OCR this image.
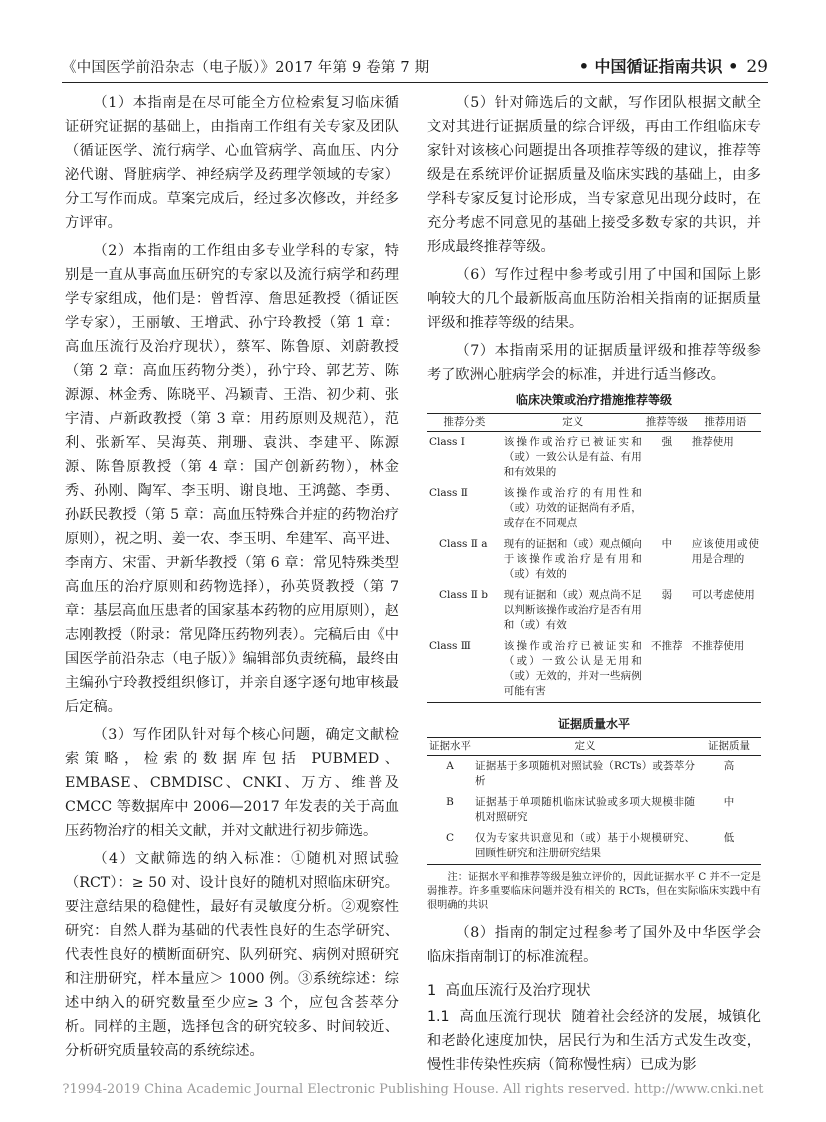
《中国医学前沿杂志（电子版）》2017 年第 9 卷第 7 期	• 中国循证指南共识 • 29

（1）本指南是在尽可能全方位检索复习临床循证研究证据的基础上，由指南工作组有关专家及团队（循证医学、流行病学、心血管病学、高血压、内分泌代谢、肾脏病学、神经病学及药理学领域的专家）分工写作而成。草案完成后，经过多次修改，并经多方评审。

（2）本指南的工作组由多专业学科的专家，特别是一直从事高血压研究的专家以及流行病学和药理学专家组成，他们是：曾哲淳、詹思延教授（循证医学专家），王丽敏、王增武、孙宁玲教授（第 1 章：高血压流行及治疗现状），蔡军、陈鲁原、刘蔚教授（第 2 章：高血压药物分类），孙宁玲、郭艺芳、陈源源、林金秀、陈晓平、冯颖青、王浩、初少莉、张宇清、卢新政教授（第 3 章：用药原则及规范），范利、张新军、吴海英、荆珊、袁洪、李建平、陈源源、陈鲁原教授（第 4 章：国产创新药物），林金秀、孙刚、陶军、李玉明、谢良地、王鸿懿、李勇、孙跃民教授（第 5 章：高血压特殊合并症的药物治疗原则），祝之明、姜一农、李玉明、牟建军、高平进、李南方、宋雷、尹新华教授（第 6 章：常见特殊类型高血压的治疗原则和药物选择），孙英贤教授（第 7 章：基层高血压患者的国家基本药物的应用原则），赵志刚教授（附录：常见降压药物列表）。完稿后由《中国医学前沿杂志（电子版）》编辑部负责统稿，最终由主编孙宁玲教授组织修订，并亲自逐字逐句地审核最后定稿。

（3）写作团队针对每个核心问题，确定文献检索策略，检索的数据库包括 PUBMED、EMBASE、CBMDISC、CNKI、万方、维普及 CMCC 等数据库中 2006—2017 年发表的关于高血压药物治疗的相关文献，并对文献进行初步筛选。

（4）文献筛选的纳入标准：①随机对照试验（RCT）：≥ 50 对、设计良好的随机对照临床研究。要注意结果的稳健性，最好有灵敏度分析。②观察性研究：自然人群为基础的代表性良好的生态学研究、代表性良好的横断面研究、队列研究、病例对照研究和注册研究，样本量应＞ 1000 例。③系统综述：综述中纳入的研究数量至少应≥ 3 个，应包含荟萃分析。同样的主题，选择包含的研究较多、时间较近、分析研究质量较高的系统综述。

（5）针对筛选后的文献，写作团队根据文献全文对其进行证据质量的综合评级，再由工作组临床专家针对该核心问题提出各项推荐等级的建议，推荐等级是在系统评价证据质量及临床实践的基础上，由多学科专家反复讨论形成，当专家意见出现分歧时，在充分考虑不同意见的基础上接受多数专家的共识，并形成最终推荐等级。

（6）写作过程中参考或引用了中国和国际上影响较大的几个最新版高血压防治相关指南的证据质量评级和推荐等级的结果。

（7）本指南采用的证据质量评级和推荐等级参考了欧洲心脏病学会的标准，并进行适当修改。

临床决策或治疗措施推荐等级
推荐分类	定义	推荐等级	推荐用语
Class Ⅰ	该操作或治疗已被证实和（或）一致公认是有益、有用和有效果的	强	推荐使用
Class Ⅱ	该操作或治疗的有用性和（或）功效的证据尚有矛盾，或存在不同观点		
Class Ⅱ a	现有的证据和（或）观点倾向于该操作或治疗是有用和（或）有效的	中	应该使用或使用是合理的
Class Ⅱ b	现有证据和（或）观点尚不足以判断该操作或治疗是否有用和（或）有效	弱	可以考虑使用
Class Ⅲ	该操作或治疗已被证实和（或）一致公认是无用和（或）无效的，并对一些病例可能有害	不推荐	不推荐使用
证据质量水平
证据水平	定义	证据质量
A	证据基于多项随机对照试验（RCTs）或荟萃分析	高
B	证据基于单项随机临床试验或多项大规模非随机对照研究	中
C	仅为专家共识意见和（或）基于小规模研究、回顾性研究和注册研究结果	低
注：证据水平和推荐等级是独立评价的，因此证据水平 C 并不一定是弱推荐。许多重要临床问题并没有相关的 RCTs，但在实际临床实践中有很明确的共识

（8）指南的制定过程参考了国外及中华医学会临床指南制订的标准流程。

1 高血压流行及治疗现状

1.1 高血压流行现状 随着社会经济的发展，城镇化和老龄化速度加快，居民行为和生活方式发生改变，慢性非传染性疾病（简称慢性病）已成为影

?1994-2019 China Academic Journal Electronic Publishing House. All rights reserved. http://www.cnki.net
